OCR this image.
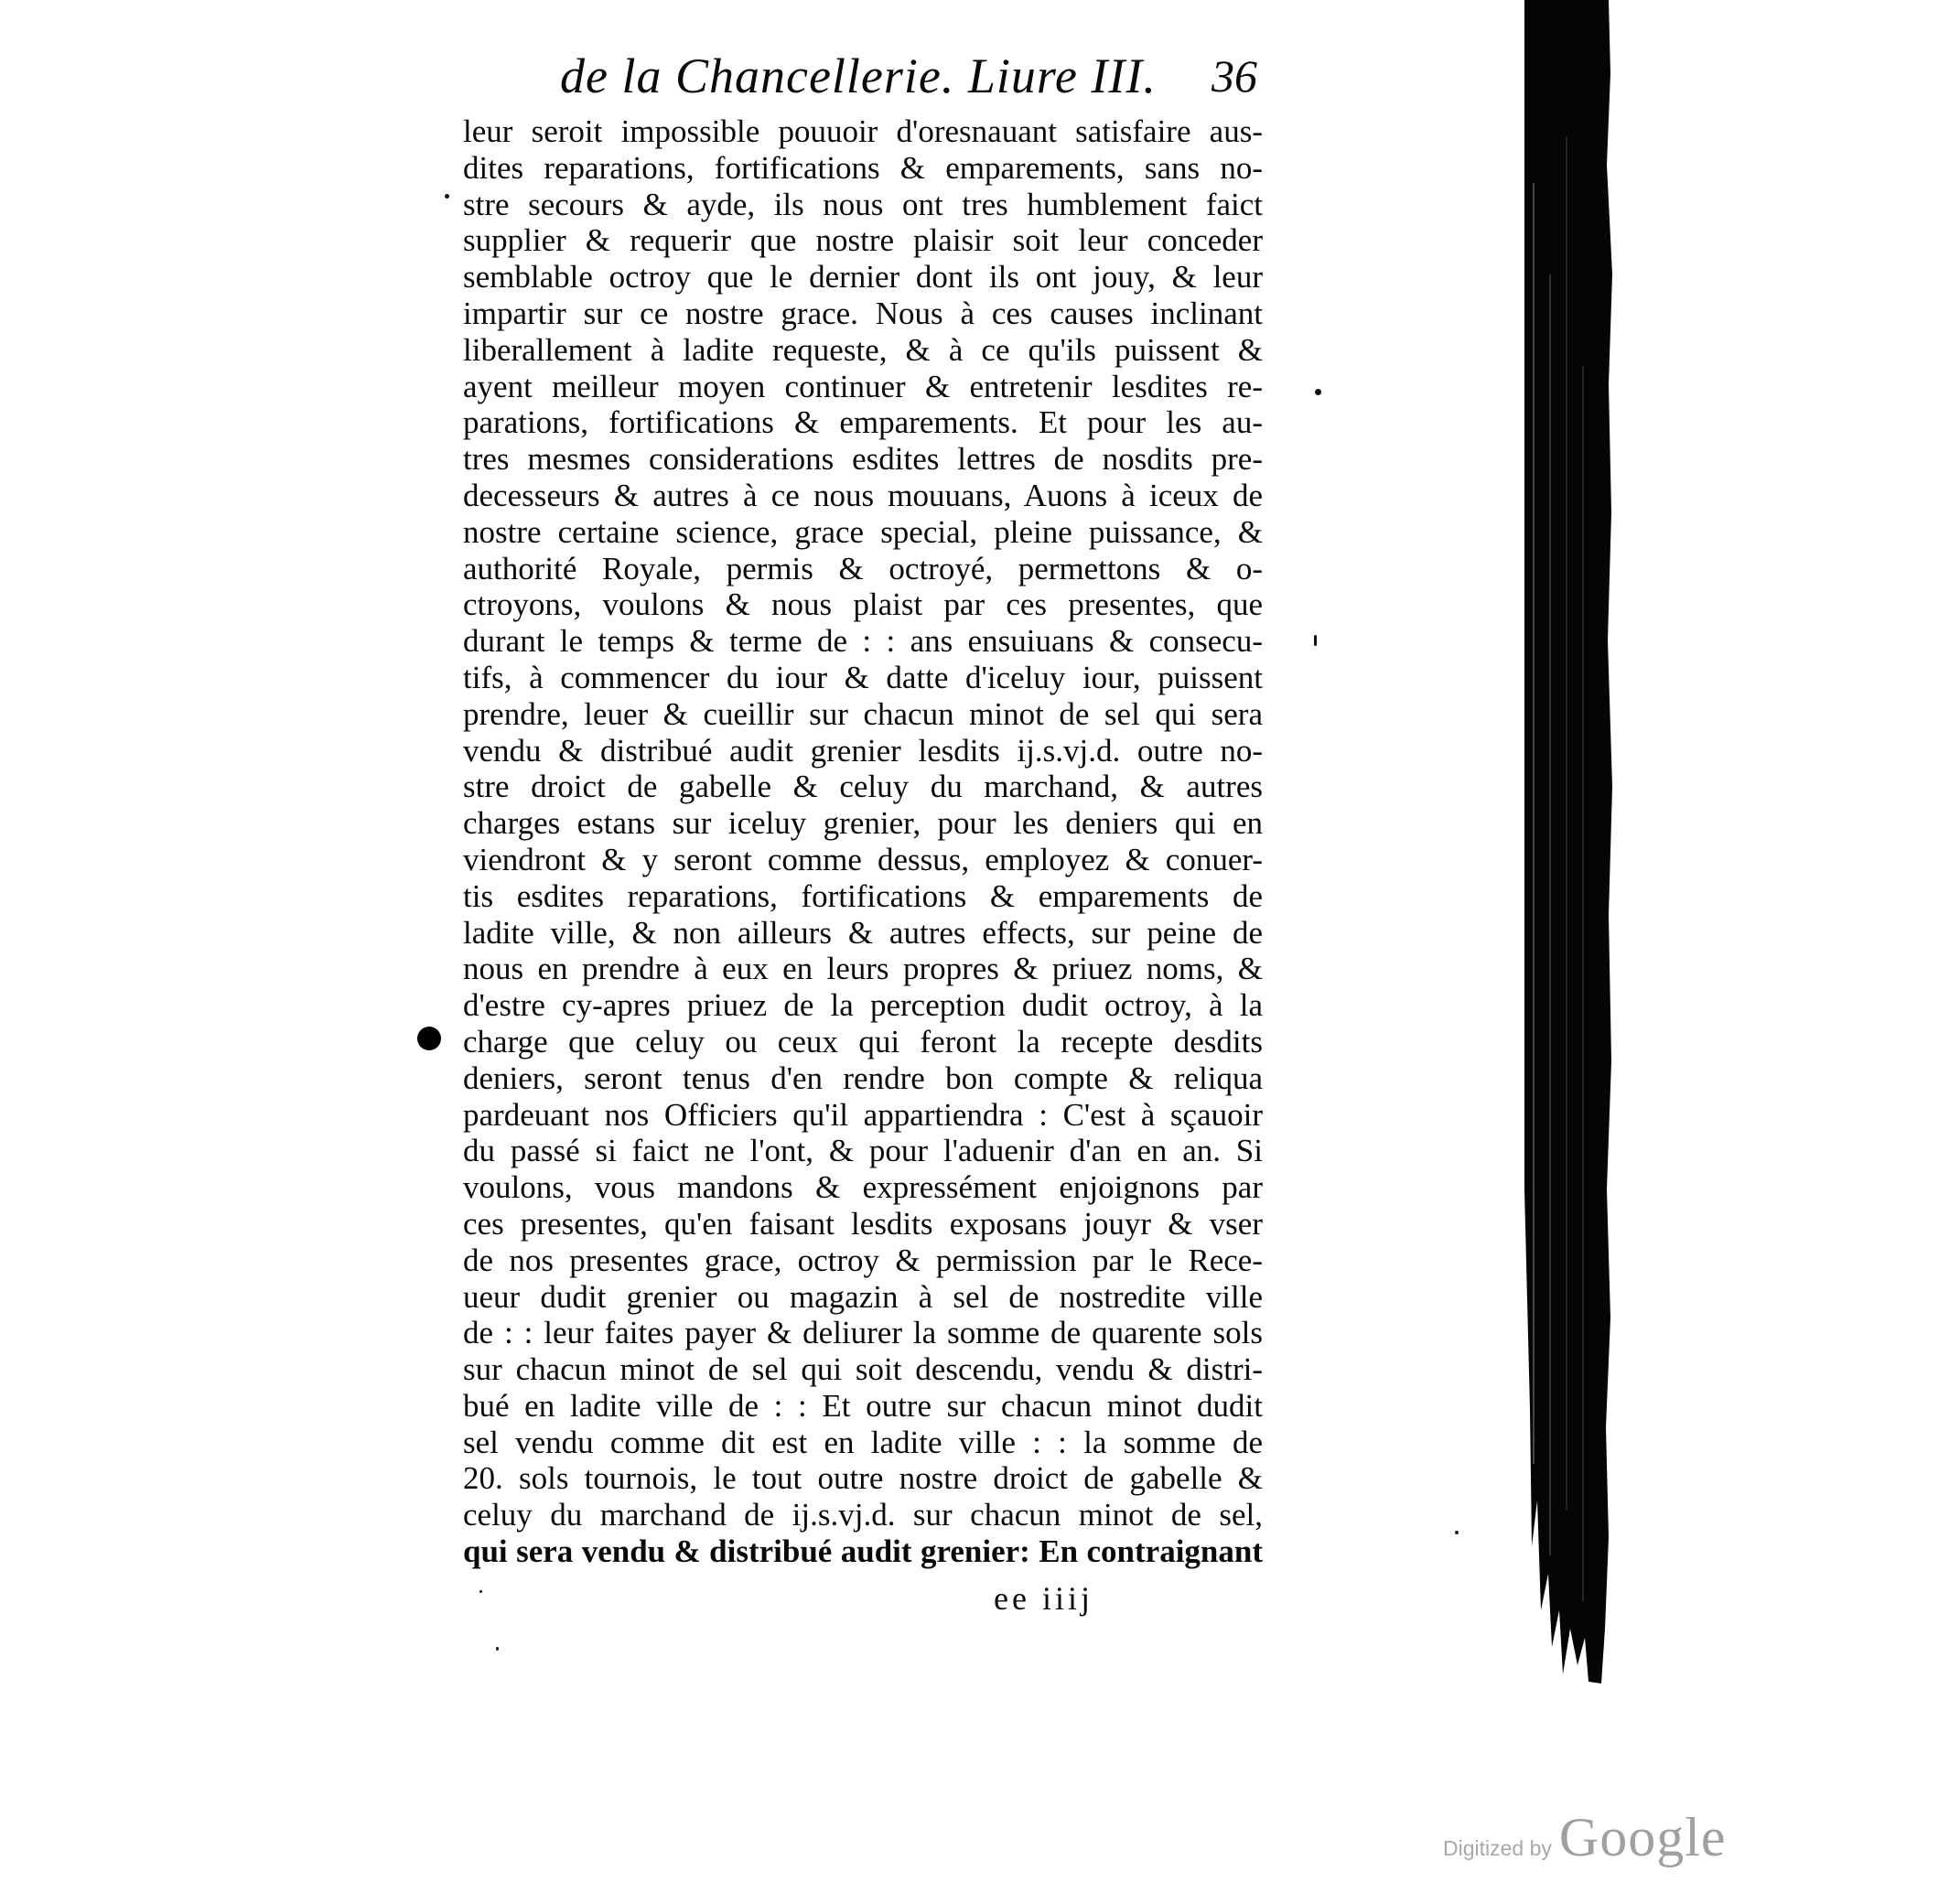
de la Chancellerie. Liure III. 36
leur seroit impossible pouuoir d'oresnauant satisfaire aus-
dites reparations, fortifications & emparements, sans no-
stre secours & ayde, ils nous ont tres humblement faict
supplier & requerir que nostre plaisir soit leur conceder
semblable octroy que le dernier dont ils ont jouy, & leur
impartir sur ce nostre grace. Nous à ces causes inclinant
liberallement à ladite requeste, & à ce qu'ils puissent &
ayent meilleur moyen continuer & entretenir lesdites re-
parations, fortifications & emparements. Et pour les au-
tres mesmes considerations esdites lettres de nosdits pre-
decesseurs & autres à ce nous mouuans, Auons à iceux de
nostre certaine science, grace special, pleine puissance, &
authorité Royale, permis & octroyé, permettons & o-
ctroyons, voulons & nous plaist par ces presentes, que
durant le temps & terme de : : ans ensuiuans & consecu-
tifs, à commencer du iour & datte d'iceluy iour, puissent
prendre, leuer & cueillir sur chacun minot de sel qui sera
vendu & distribué audit grenier lesdits ij.s.vj.d. outre no-
stre droict de gabelle & celuy du marchand, & autres
charges estans sur iceluy grenier, pour les deniers qui en
viendront & y seront comme dessus, employez & conuer-
tis esdites reparations, fortifications & emparements de
ladite ville, & non ailleurs & autres effects, sur peine de
nous en prendre à eux en leurs propres & priuez noms, &
d'estre cy-apres priuez de la perception dudit octroy, à la
charge que celuy ou ceux qui feront la recepte desdits
deniers, seront tenus d'en rendre bon compte & reliqua
pardeuant nos Officiers qu'il appartiendra : C'est à sçauoir
du passé si faict ne l'ont, & pour l'aduenir d'an en an. Si
voulons, vous mandons & expressément enjoignons par
ces presentes, qu'en faisant lesdits exposans jouyr & vser
de nos presentes grace, octroy & permission par le Rece-
ueur dudit grenier ou magazin à sel de nostredite ville
de : : leur faites payer & deliurer la somme de quarente sols
sur chacun minot de sel qui soit descendu, vendu & distri-
bué en ladite ville de : : Et outre sur chacun minot dudit
sel vendu comme dit est en ladite ville : : la somme de
20. sols tournois, le tout outre nostre droict de gabelle &
celuy du marchand de ij.s.vj.d. sur chacun minot de sel,
qui sera vendu & distribué audit grenier: En contraignant
ee iiij
Digitized by Google
